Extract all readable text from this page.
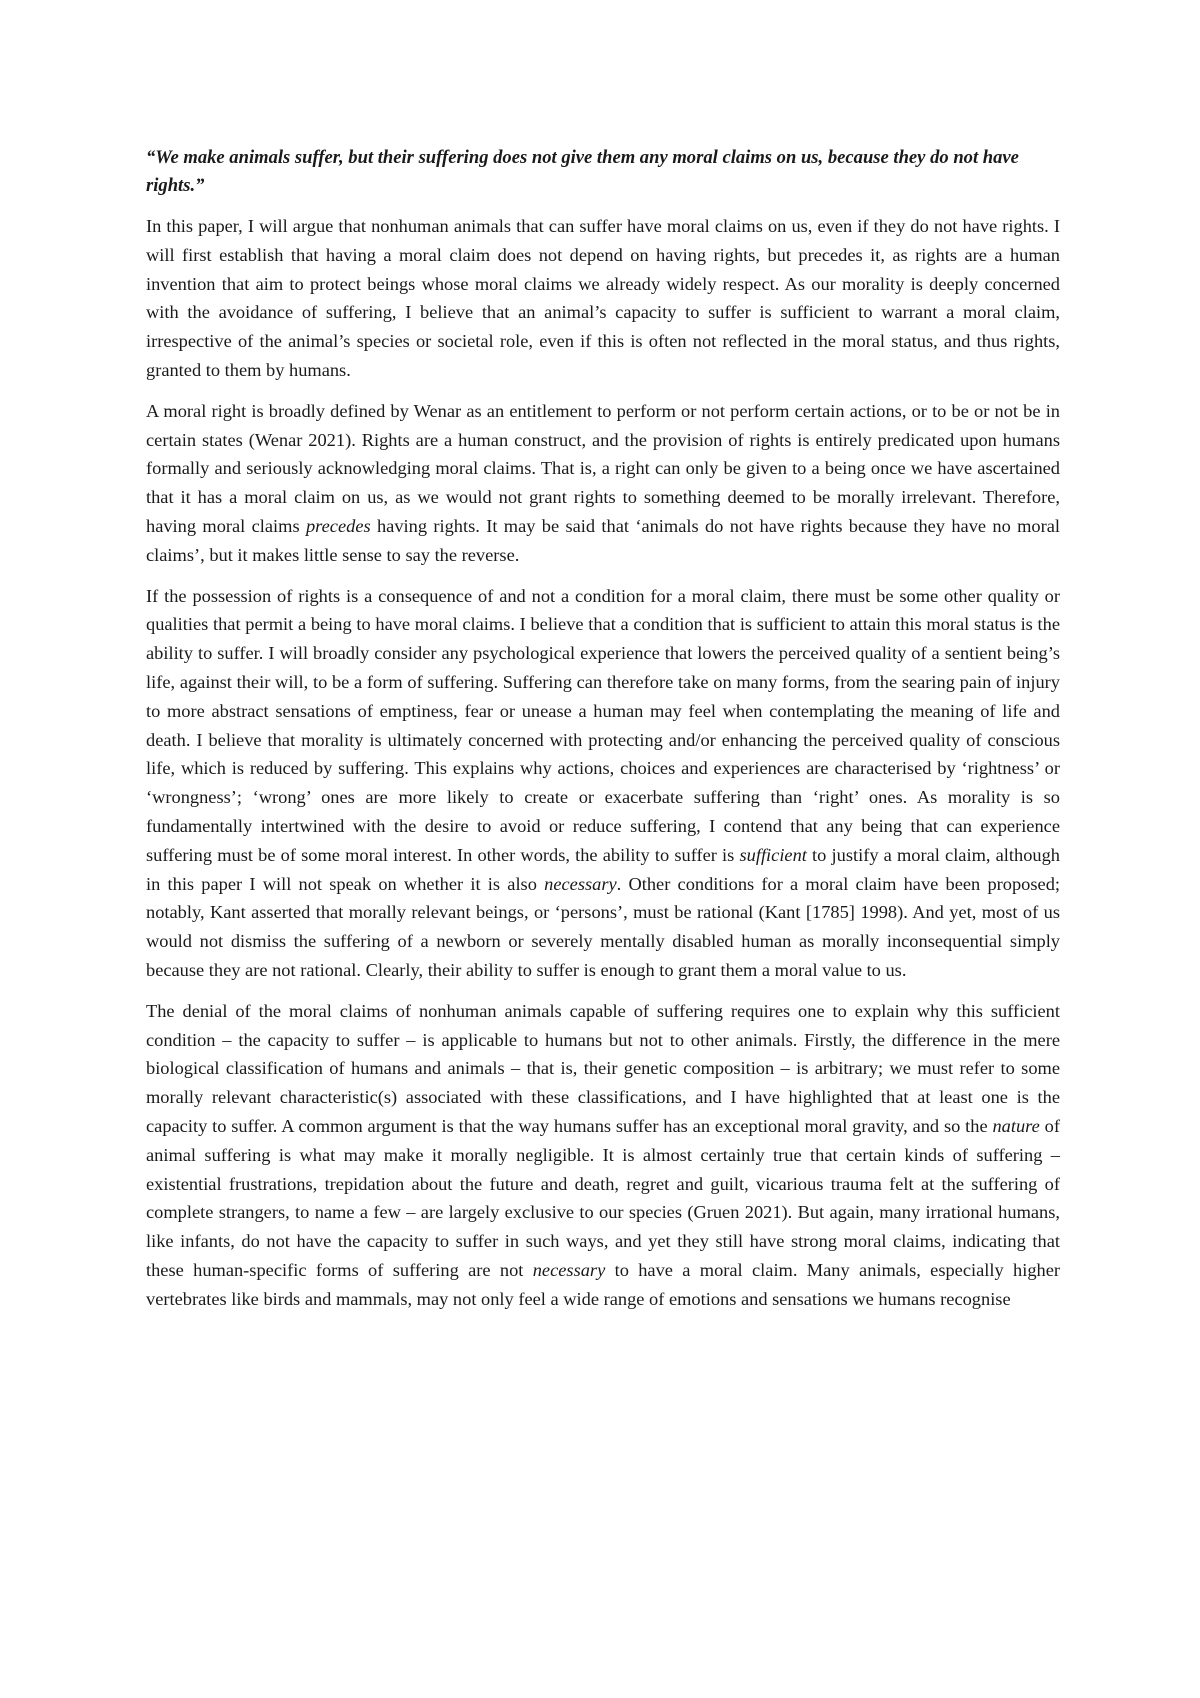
“We make animals suffer, but their suffering does not give them any moral claims on us, because they do not have rights.”

In this paper, I will argue that nonhuman animals that can suffer have moral claims on us, even if they do not have rights. I will first establish that having a moral claim does not depend on having rights, but precedes it, as rights are a human invention that aim to protect beings whose moral claims we already widely respect. As our morality is deeply concerned with the avoidance of suffering, I believe that an animal’s capacity to suffer is sufficient to warrant a moral claim, irrespective of the animal’s species or societal role, even if this is often not reflected in the moral status, and thus rights, granted to them by humans.

A moral right is broadly defined by Wenar as an entitlement to perform or not perform certain actions, or to be or not be in certain states (Wenar 2021). Rights are a human construct, and the provision of rights is entirely predicated upon humans formally and seriously acknowledging moral claims. That is, a right can only be given to a being once we have ascertained that it has a moral claim on us, as we would not grant rights to something deemed to be morally irrelevant. Therefore, having moral claims precedes having rights. It may be said that ‘animals do not have rights because they have no moral claims’, but it makes little sense to say the reverse.

If the possession of rights is a consequence of and not a condition for a moral claim, there must be some other quality or qualities that permit a being to have moral claims. I believe that a condition that is sufficient to attain this moral status is the ability to suffer. I will broadly consider any psychological experience that lowers the perceived quality of a sentient being’s life, against their will, to be a form of suffering. Suffering can therefore take on many forms, from the searing pain of injury to more abstract sensations of emptiness, fear or unease a human may feel when contemplating the meaning of life and death. I believe that morality is ultimately concerned with protecting and/or enhancing the perceived quality of conscious life, which is reduced by suffering. This explains why actions, choices and experiences are characterised by ‘rightness’ or ‘wrongness’; ‘wrong’ ones are more likely to create or exacerbate suffering than ‘right’ ones. As morality is so fundamentally intertwined with the desire to avoid or reduce suffering, I contend that any being that can experience suffering must be of some moral interest. In other words, the ability to suffer is sufficient to justify a moral claim, although in this paper I will not speak on whether it is also necessary. Other conditions for a moral claim have been proposed; notably, Kant asserted that morally relevant beings, or ‘persons’, must be rational (Kant [1785] 1998). And yet, most of us would not dismiss the suffering of a newborn or severely mentally disabled human as morally inconsequential simply because they are not rational. Clearly, their ability to suffer is enough to grant them a moral value to us.

The denial of the moral claims of nonhuman animals capable of suffering requires one to explain why this sufficient condition – the capacity to suffer – is applicable to humans but not to other animals. Firstly, the difference in the mere biological classification of humans and animals – that is, their genetic composition – is arbitrary; we must refer to some morally relevant characteristic(s) associated with these classifications, and I have highlighted that at least one is the capacity to suffer. A common argument is that the way humans suffer has an exceptional moral gravity, and so the nature of animal suffering is what may make it morally negligible. It is almost certainly true that certain kinds of suffering – existential frustrations, trepidation about the future and death, regret and guilt, vicarious trauma felt at the suffering of complete strangers, to name a few – are largely exclusive to our species (Gruen 2021). But again, many irrational humans, like infants, do not have the capacity to suffer in such ways, and yet they still have strong moral claims, indicating that these human-specific forms of suffering are not necessary to have a moral claim. Many animals, especially higher vertebrates like birds and mammals, may not only feel a wide range of emotions and sensations we humans recognise
